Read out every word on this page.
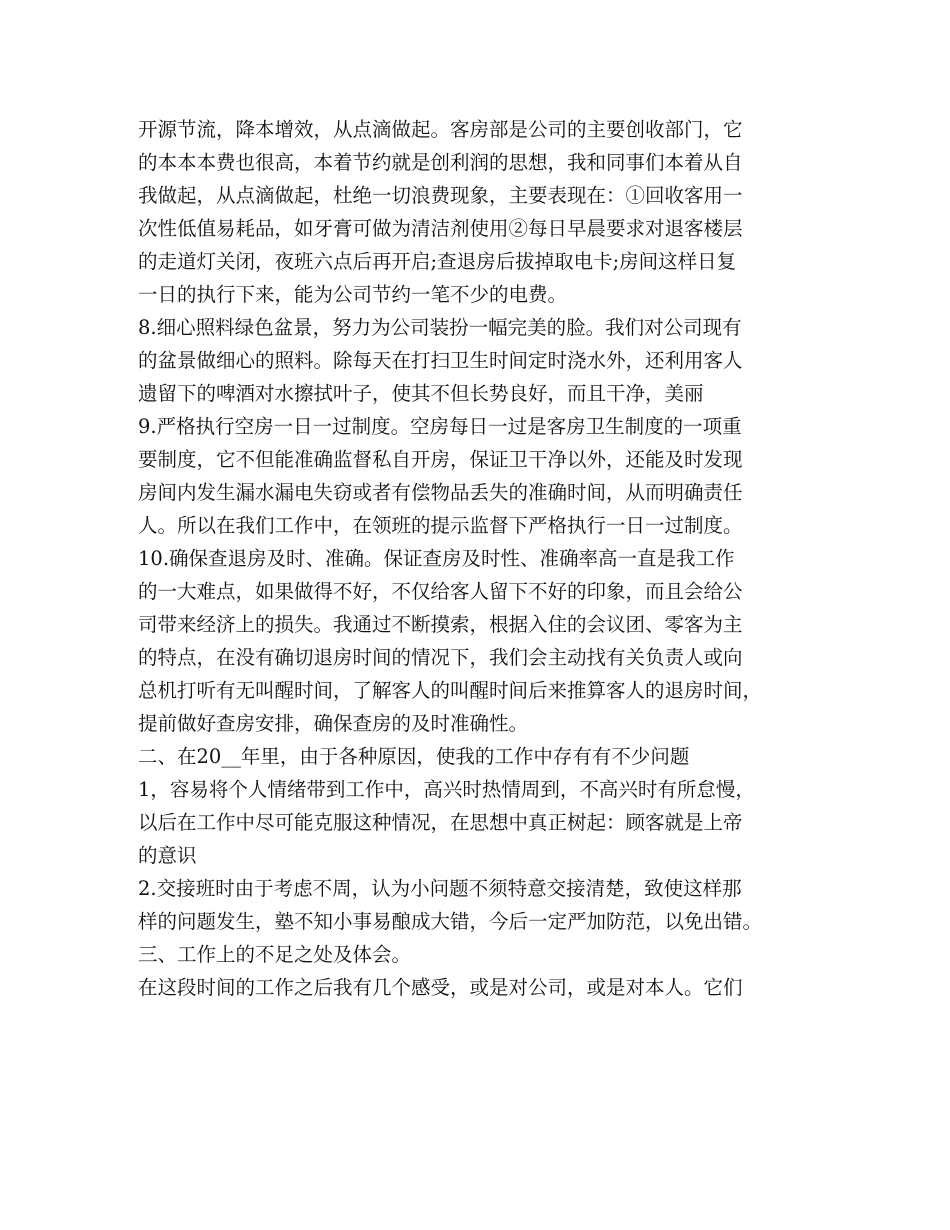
开源节流，降本增效，从点滴做起。客房部是公司的主要创收部门，它
的本本本费也很高，本着节约就是创利润的思想，我和同事们本着从自
我做起，从点滴做起，杜绝一切浪费现象，主要表现在：①回收客用一
次性低值易耗品，如牙膏可做为清洁剂使用②每日早晨要求对退客楼层
的走道灯关闭，夜班六点后再开启;查退房后拔掉取电卡;房间这样日复
一日的执行下来，能为公司节约一笔不少的电费。
8.细心照料绿色盆景，努力为公司装扮一幅完美的脸。我们对公司现有
的盆景做细心的照料。除每天在打扫卫生时间定时浇水外，还利用客人
遗留下的啤酒对水擦拭叶子，使其不但长势良好，而且干净，美丽
9.严格执行空房一日一过制度。空房每日一过是客房卫生制度的一项重
要制度，它不但能准确监督私自开房，保证卫干净以外，还能及时发现
房间内发生漏水漏电失窃或者有偿物品丢失的准确时间，从而明确责任
人。所以在我们工作中，在领班的提示监督下严格执行一日一过制度。
10.确保查退房及时、准确。保证查房及时性、准确率高一直是我工作
的一大难点，如果做得不好，不仅给客人留下不好的印象，而且会给公
司带来经济上的损失。我通过不断摸索，根据入住的会议团、零客为主
的特点，在没有确切退房时间的情况下，我们会主动找有关负责人或向
总机打听有无叫醒时间，了解客人的叫醒时间后来推算客人的退房时间，
提前做好查房安排，确保查房的及时准确性。
二、在20__年里，由于各种原因，使我的工作中存有有不少问题
1，容易将个人情绪带到工作中，高兴时热情周到，不高兴时有所怠慢，
以后在工作中尽可能克服这种情况，在思想中真正树起：顾客就是上帝
的意识
2.交接班时由于考虑不周，认为小问题不须特意交接清楚，致使这样那
样的问题发生，塾不知小事易酿成大错，今后一定严加防范，以免出错。
三、工作上的不足之处及体会。
在这段时间的工作之后我有几个感受，或是对公司，或是对本人。它们
